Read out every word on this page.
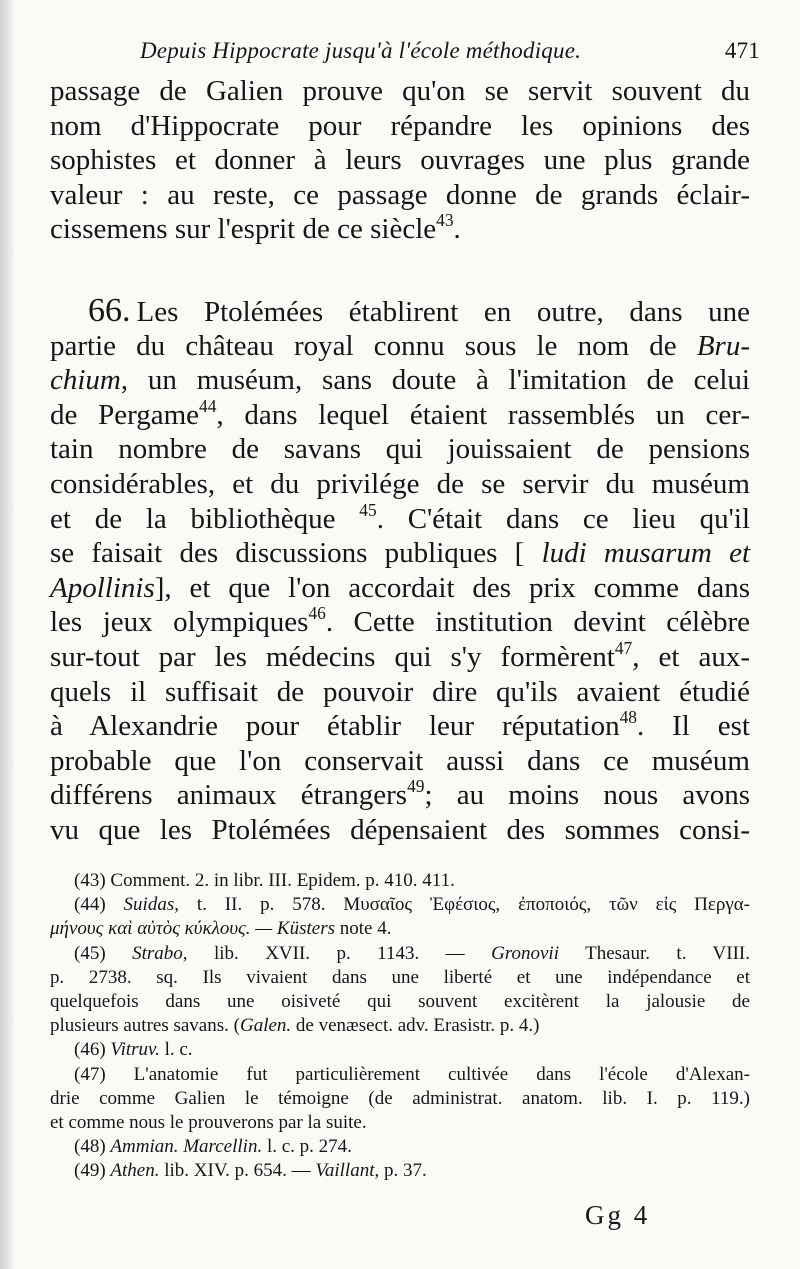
Depuis Hippocrate jusqu'à l'école méthodique.	471
passage de Galien prouve qu'on se servit souvent du
nom d'Hippocrate pour répandre les opinions des
sophistes et donner à leurs ouvrages une plus grande
valeur : au reste, ce passage donne de grands éclair-
cissemens sur l'esprit de ce siècle$^{43}$.
66. Les Ptolémées établirent en outre, dans une
partie du château royal connu sous le nom de Bru-
chium, un muséum, sans doute à l'imitation de celui
de Pergame$^{44}$, dans lequel étaient rassemblés un cer-
tain nombre de savans qui jouissaient de pensions
considérables, et du privilége de se servir du muséum
et de la bibliothèque $^{45}$. C'était dans ce lieu qu'il
se faisait des discussions publiques [ ludi musarum et
Apollinis], et que l'on accordait des prix comme dans
les jeux olympiques$^{46}$. Cette institution devint célèbre
sur-tout par les médecins qui s'y formèrent$^{47}$, et aux-
quels il suffisait de pouvoir dire qu'ils avaient étudié
à Alexandrie pour établir leur réputation$^{48}$. Il est
probable que l'on conservait aussi dans ce muséum
différens animaux étrangers$^{49}$; au moins nous avons
vu que les Ptolémées dépensaient des sommes consi-
(43) Comment. 2. in libr. III. Epidem. p. 410. 411.
(44) Suidas, t. II. p. 578. Μυσαῖος Ἐφέσιος, ἐποποιός, τῶν εἰς Περγα-
μήνους καὶ αὐτὸς κύκλους. — Küsters note 4.
(45) Strabo, lib. XVII. p. 1143. — Gronovii Thesaur. t. VIII.
p. 2738. sq. Ils vivaient dans une liberté et une indépendance et
quelquefois dans une oisiveté qui souvent excitèrent la jalousie de
plusieurs autres savans. (Galen. de venæsect. adv. Erasistr. p. 4.)
(46) Vitruv. l. c.
(47) L'anatomie fut particulièrement cultivée dans l'école d'Alexan-
drie comme Galien le témoigne (de administrat. anatom. lib. I. p. 119.)
et comme nous le prouverons par la suite.
(48) Ammian. Marcellin. l. c. p. 274.
(49) Athen. lib. XIV. p. 654. — Vaillant, p. 37.
Gg 4
